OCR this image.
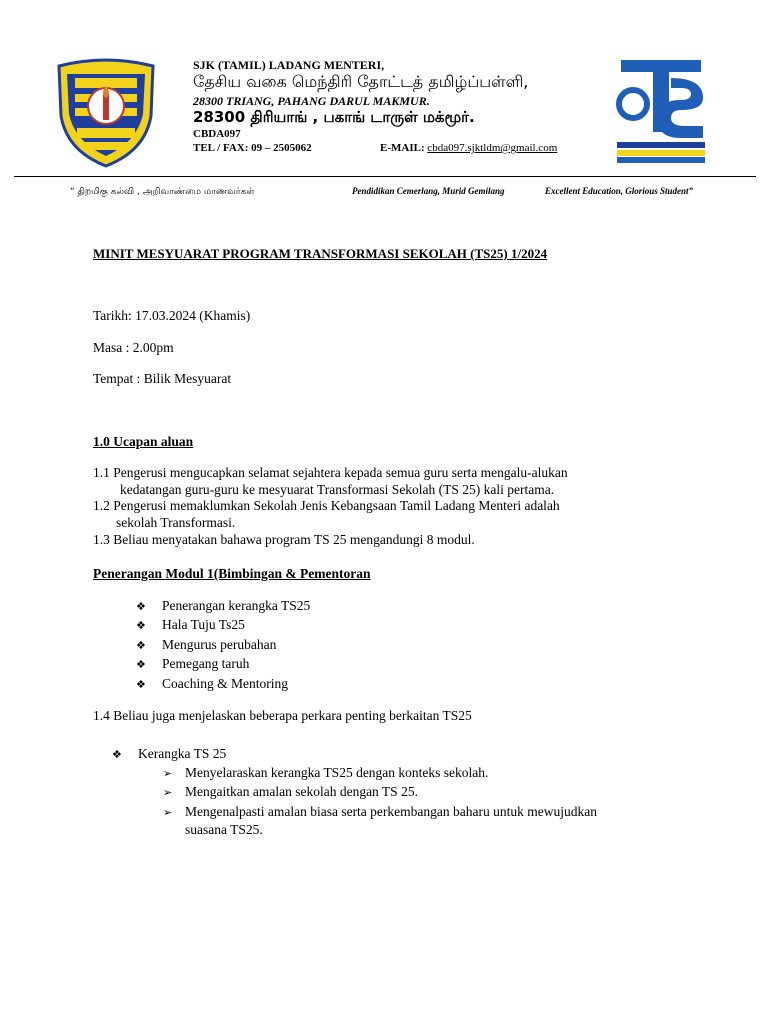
SJK (TAMIL) LADANG MENTERI,
தேசிய வகை மெந்திரி தோட்டத் தமிழ்ப்பள்ளி,
28300 TRIANG, PAHANG DARUL MAKMUR.
28300 திரியாங் , பகாங் டாருள் மக்மூர்.
CBDA097
TEL / FAX: 09 – 2505062	E-MAIL: cbda097.sjktldm@gmail.com
“ திறமிகு கல்வி , அறிவாண்மை மாணவர்கள்	Pendidikan Cemerlang, Murid Gemilang	Excellent Education, Glorious Student”
MINIT MESYUARAT PROGRAM TRANSFORMASI SEKOLAH (TS25) 1/2024
Tarikh: 17.03.2024 (Khamis)
Masa : 2.00pm
Tempat : Bilik Mesyuarat
1.0 Ucapan aluan
1.1 Pengerusi mengucapkan selamat sejahtera kepada semua guru serta mengalu-alukan
kedatangan guru-guru ke mesyuarat Transformasi Sekolah (TS 25) kali pertama.
1.2 Pengerusi memaklumkan Sekolah Jenis Kebangsaan Tamil Ladang Menteri adalah
sekolah Transformasi.
1.3 Beliau menyatakan bahawa program TS 25 mengandungi 8 modul.
Penerangan Modul 1(Bimbingan & Pementoran
❖	Penerangan kerangka TS25
❖	Hala Tuju Ts25
❖	Mengurus perubahan
❖	Pemegang taruh
❖	Coaching & Mentoring
1.4 Beliau juga menjelaskan beberapa perkara penting berkaitan TS25
❖	Kerangka TS 25
➢ Menyelaraskan kerangka TS25 dengan konteks sekolah.
➢ Mengaitkan amalan sekolah dengan TS 25.
➢ Mengenalpasti amalan biasa serta perkembangan baharu untuk mewujudkan
suasana TS25.
